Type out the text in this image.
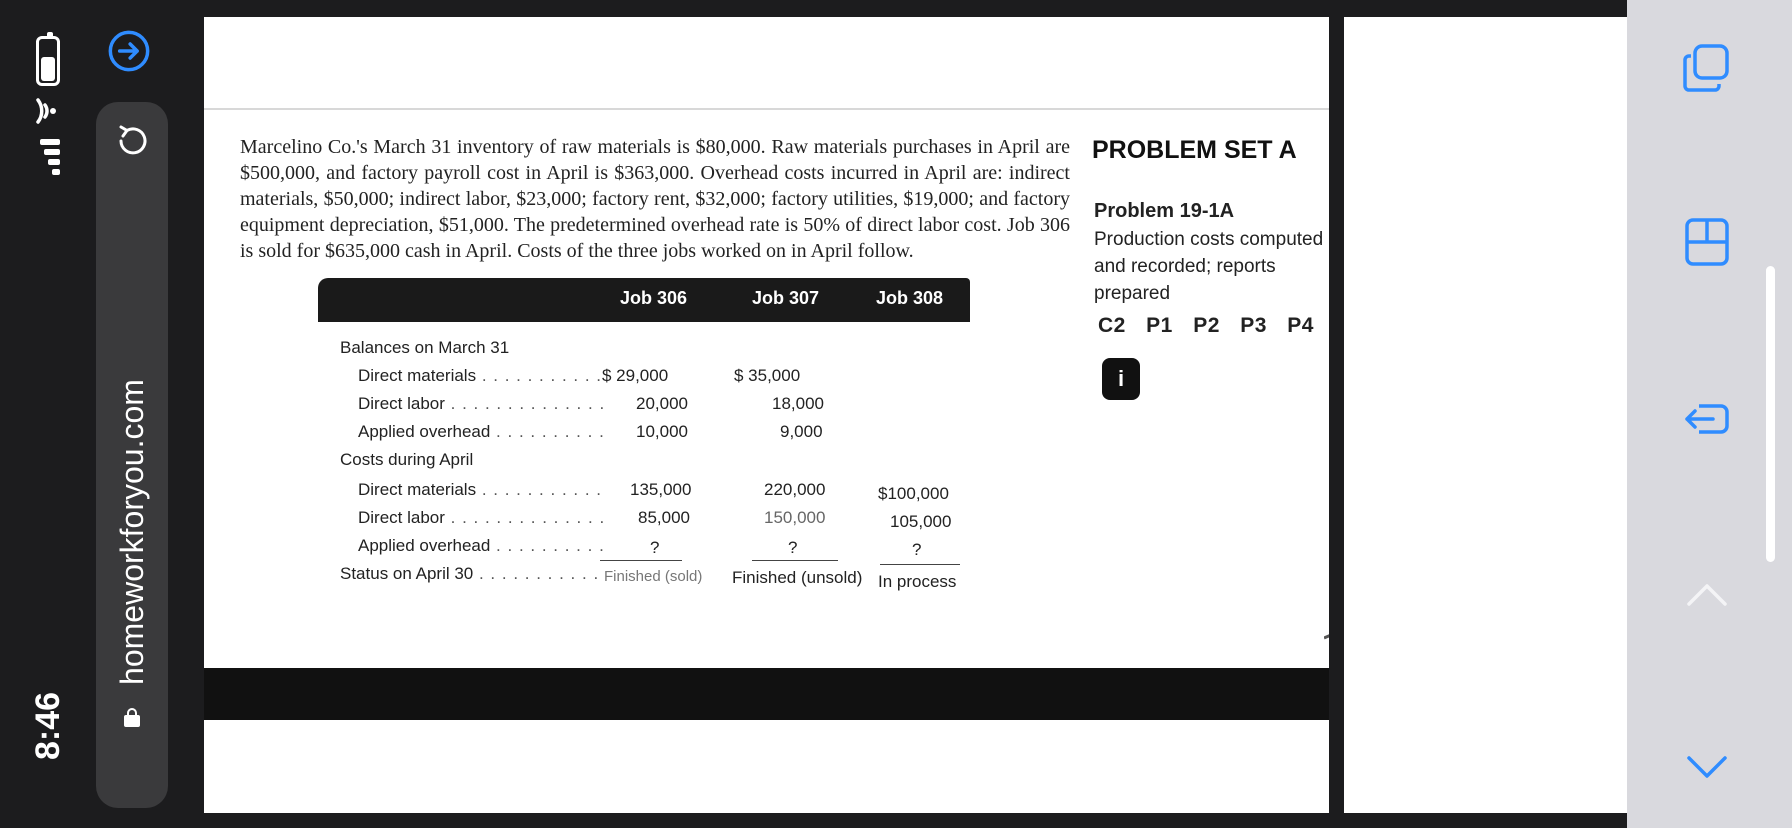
8:46
homeworkforyou.com
Marcelino Co.'s March 31 inventory of raw materials is $80,000. Raw materials purchases in April are $500,000, and factory payroll cost in April is $363,000. Overhead costs incurred in April are: indirect materials, $50,000; indirect labor, $23,000; factory rent, $32,000; factory utilities, $19,000; and factory equipment depreciation, $51,000. The predetermined overhead rate is 50% of direct labor cost. Job 306 is sold for $635,000 cash in April. Costs of the three jobs worked on in April follow.
PROBLEM SET A
Problem 19-1A
Production costs computed and recorded; reports prepared
C2 P1 P2 P3 P4
i
Job 306	Job 307	Job 308
Balances on March 31
Direct materials . . . . . . . . . . .
Direct labor . . . . . . . . . . . . . .
Applied overhead . . . . . . . . . .
Costs during April
Direct materials . . . . . . . . . . .
Direct labor . . . . . . . . . . . . . .
Applied overhead . . . . . . . . . .
Status on April 30 . . . . . . . . . . .
$ 29,000
20,000
10,000
135,000
85,000
?
Finished (sold)
$ 35,000
18,000
9,000
220,000
150,000
?
Finished (unsold)
$100,000
105,000
?
In process
